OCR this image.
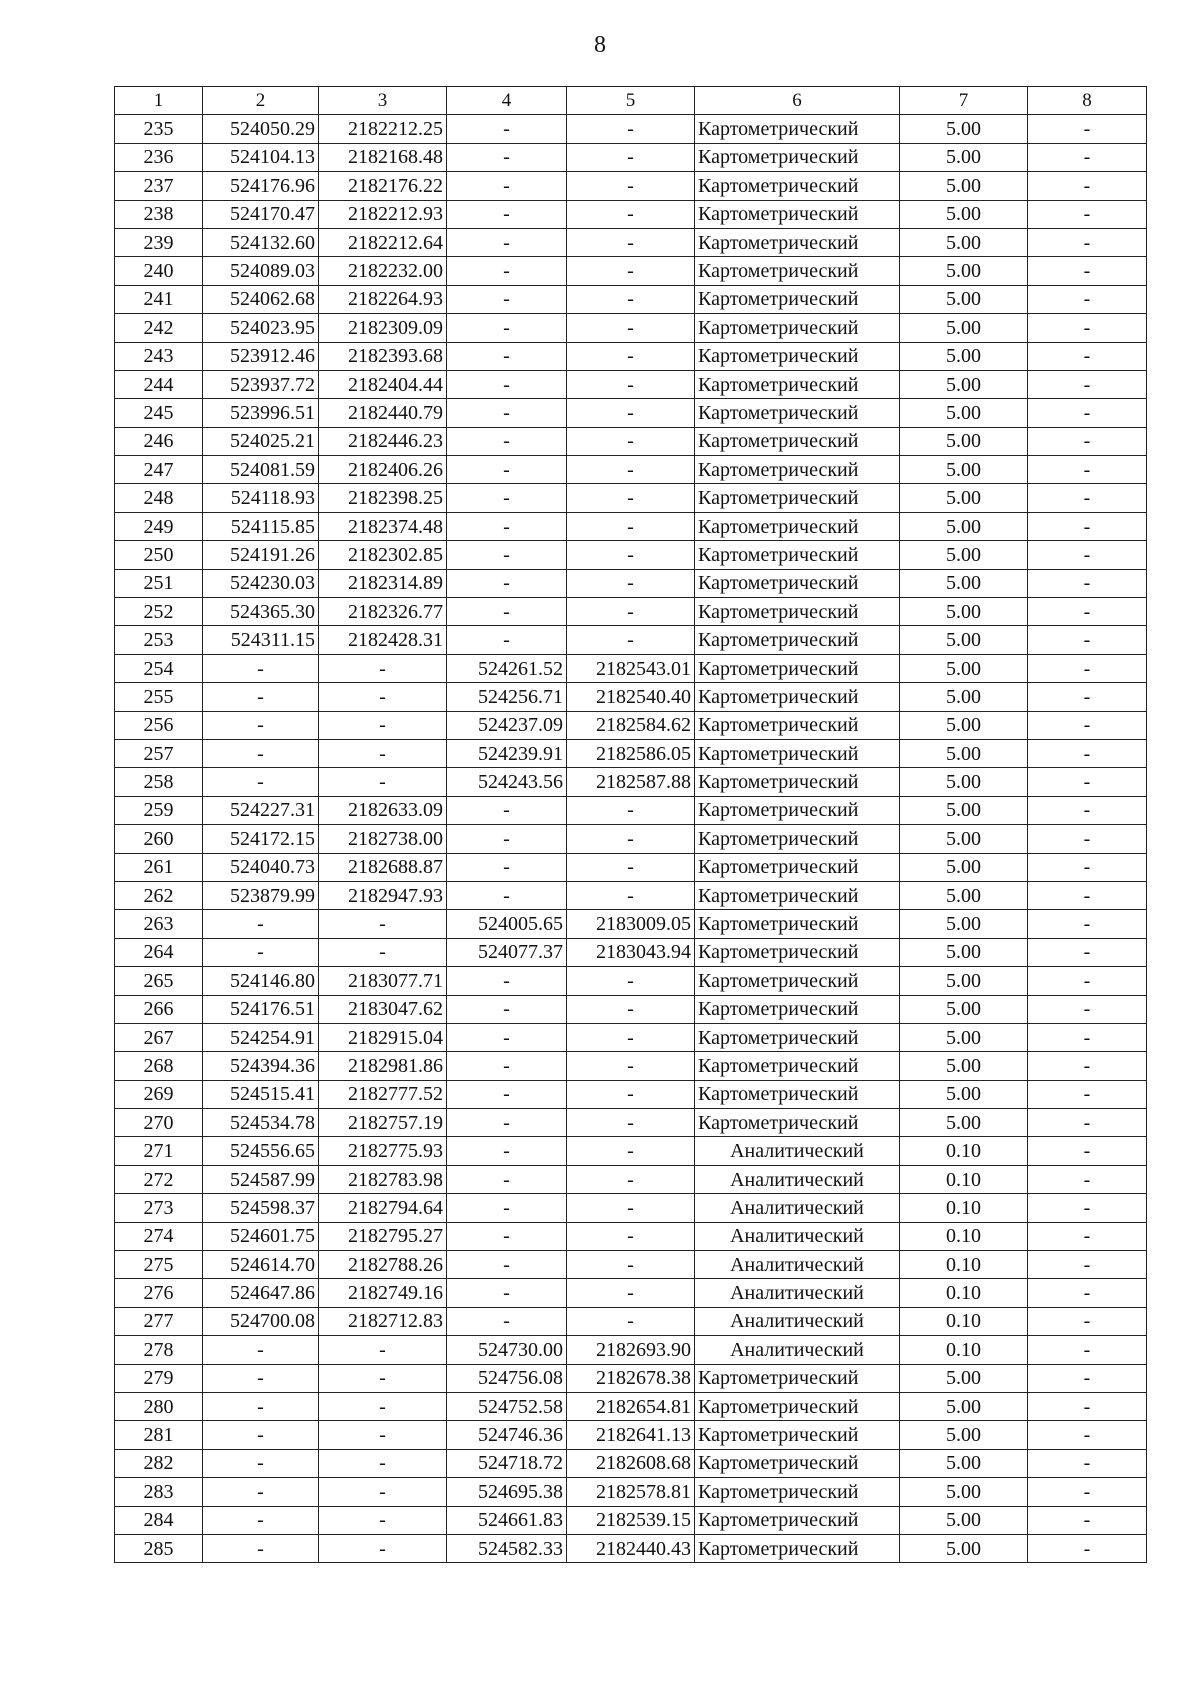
8
1	2	3	4	5	6	7	8
235	524050.29	2182212.25	-	-	Картометрический	5.00	-
236	524104.13	2182168.48	-	-	Картометрический	5.00	-
237	524176.96	2182176.22	-	-	Картометрический	5.00	-
238	524170.47	2182212.93	-	-	Картометрический	5.00	-
239	524132.60	2182212.64	-	-	Картометрический	5.00	-
240	524089.03	2182232.00	-	-	Картометрический	5.00	-
241	524062.68	2182264.93	-	-	Картометрический	5.00	-
242	524023.95	2182309.09	-	-	Картометрический	5.00	-
243	523912.46	2182393.68	-	-	Картометрический	5.00	-
244	523937.72	2182404.44	-	-	Картометрический	5.00	-
245	523996.51	2182440.79	-	-	Картометрический	5.00	-
246	524025.21	2182446.23	-	-	Картометрический	5.00	-
247	524081.59	2182406.26	-	-	Картометрический	5.00	-
248	524118.93	2182398.25	-	-	Картометрический	5.00	-
249	524115.85	2182374.48	-	-	Картометрический	5.00	-
250	524191.26	2182302.85	-	-	Картометрический	5.00	-
251	524230.03	2182314.89	-	-	Картометрический	5.00	-
252	524365.30	2182326.77	-	-	Картометрический	5.00	-
253	524311.15	2182428.31	-	-	Картометрический	5.00	-
254	-	-	524261.52	2182543.01	Картометрический	5.00	-
255	-	-	524256.71	2182540.40	Картометрический	5.00	-
256	-	-	524237.09	2182584.62	Картометрический	5.00	-
257	-	-	524239.91	2182586.05	Картометрический	5.00	-
258	-	-	524243.56	2182587.88	Картометрический	5.00	-
259	524227.31	2182633.09	-	-	Картометрический	5.00	-
260	524172.15	2182738.00	-	-	Картометрический	5.00	-
261	524040.73	2182688.87	-	-	Картометрический	5.00	-
262	523879.99	2182947.93	-	-	Картометрический	5.00	-
263	-	-	524005.65	2183009.05	Картометрический	5.00	-
264	-	-	524077.37	2183043.94	Картометрический	5.00	-
265	524146.80	2183077.71	-	-	Картометрический	5.00	-
266	524176.51	2183047.62	-	-	Картометрический	5.00	-
267	524254.91	2182915.04	-	-	Картометрический	5.00	-
268	524394.36	2182981.86	-	-	Картометрический	5.00	-
269	524515.41	2182777.52	-	-	Картометрический	5.00	-
270	524534.78	2182757.19	-	-	Картометрический	5.00	-
271	524556.65	2182775.93	-	-	Аналитический	0.10	-
272	524587.99	2182783.98	-	-	Аналитический	0.10	-
273	524598.37	2182794.64	-	-	Аналитический	0.10	-
274	524601.75	2182795.27	-	-	Аналитический	0.10	-
275	524614.70	2182788.26	-	-	Аналитический	0.10	-
276	524647.86	2182749.16	-	-	Аналитический	0.10	-
277	524700.08	2182712.83	-	-	Аналитический	0.10	-
278	-	-	524730.00	2182693.90	Аналитический	0.10	-
279	-	-	524756.08	2182678.38	Картометрический	5.00	-
280	-	-	524752.58	2182654.81	Картометрический	5.00	-
281	-	-	524746.36	2182641.13	Картометрический	5.00	-
282	-	-	524718.72	2182608.68	Картометрический	5.00	-
283	-	-	524695.38	2182578.81	Картометрический	5.00	-
284	-	-	524661.83	2182539.15	Картометрический	5.00	-
285	-	-	524582.33	2182440.43	Картометрический	5.00	-
